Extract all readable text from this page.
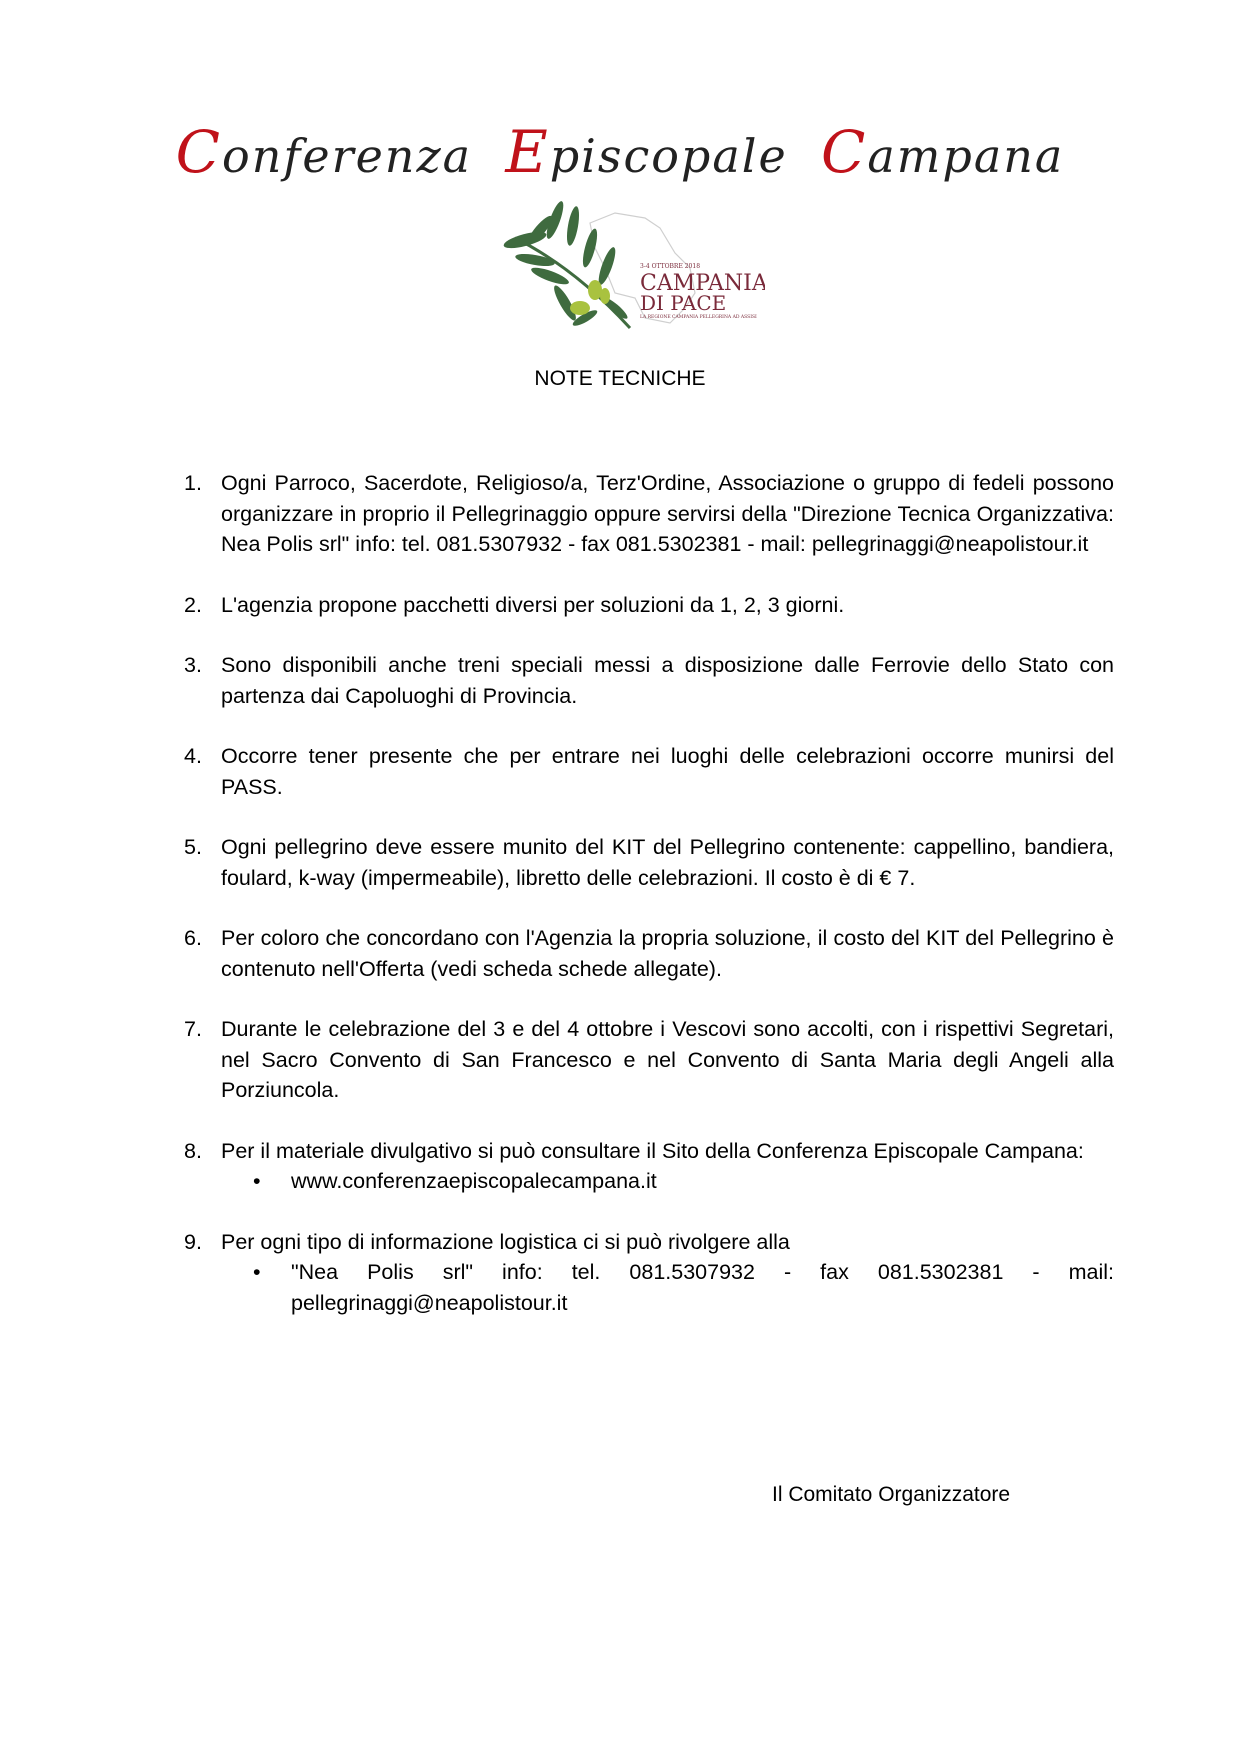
Conferenza Episcopale Campana
3-4 OTTOBRE 2018
CAMPANIA
DI PACE
LA REGIONE CAMPANIA PELLEGRINA AD ASSISI
NOTE TECNICHE
1. Ogni Parroco, Sacerdote, Religioso/a, Terz'Ordine, Associazione o gruppo di fedeli possono organizzare in proprio il Pellegrinaggio oppure servirsi della "Direzione Tecnica Organizzativa: Nea Polis srl" info: tel. 081.5307932 - fax 081.5302381 - mail: pellegrinaggi@neapolistour.it
2. L'agenzia propone pacchetti diversi per soluzioni da 1, 2, 3 giorni.
3. Sono disponibili anche treni speciali messi a disposizione dalle Ferrovie dello Stato con partenza dai Capoluoghi di Provincia.
4. Occorre tener presente che per entrare nei luoghi delle celebrazioni occorre munirsi del PASS.
5. Ogni pellegrino deve essere munito del KIT del Pellegrino contenente: cappellino, bandiera, foulard, k-way (impermeabile), libretto delle celebrazioni. Il costo è di € 7.
6. Per coloro che concordano con l'Agenzia la propria soluzione, il costo del KIT del Pellegrino è contenuto nell'Offerta (vedi scheda schede allegate).
7. Durante le celebrazione del 3 e del 4 ottobre i Vescovi sono accolti, con i rispettivi Segretari, nel Sacro Convento di San Francesco e nel Convento di Santa Maria degli Angeli alla Porziuncola.
8. Per il materiale divulgativo si può consultare il Sito della Conferenza Episcopale Campana:
•	www.conferenzaepiscopalecampana.it
9. Per ogni tipo di informazione logistica ci si può rivolgere alla
•	"Nea Polis srl" info: tel. 081.5307932 - fax 081.5302381 - mail: pellegrinaggi@neapolistour.it
Il Comitato Organizzatore
